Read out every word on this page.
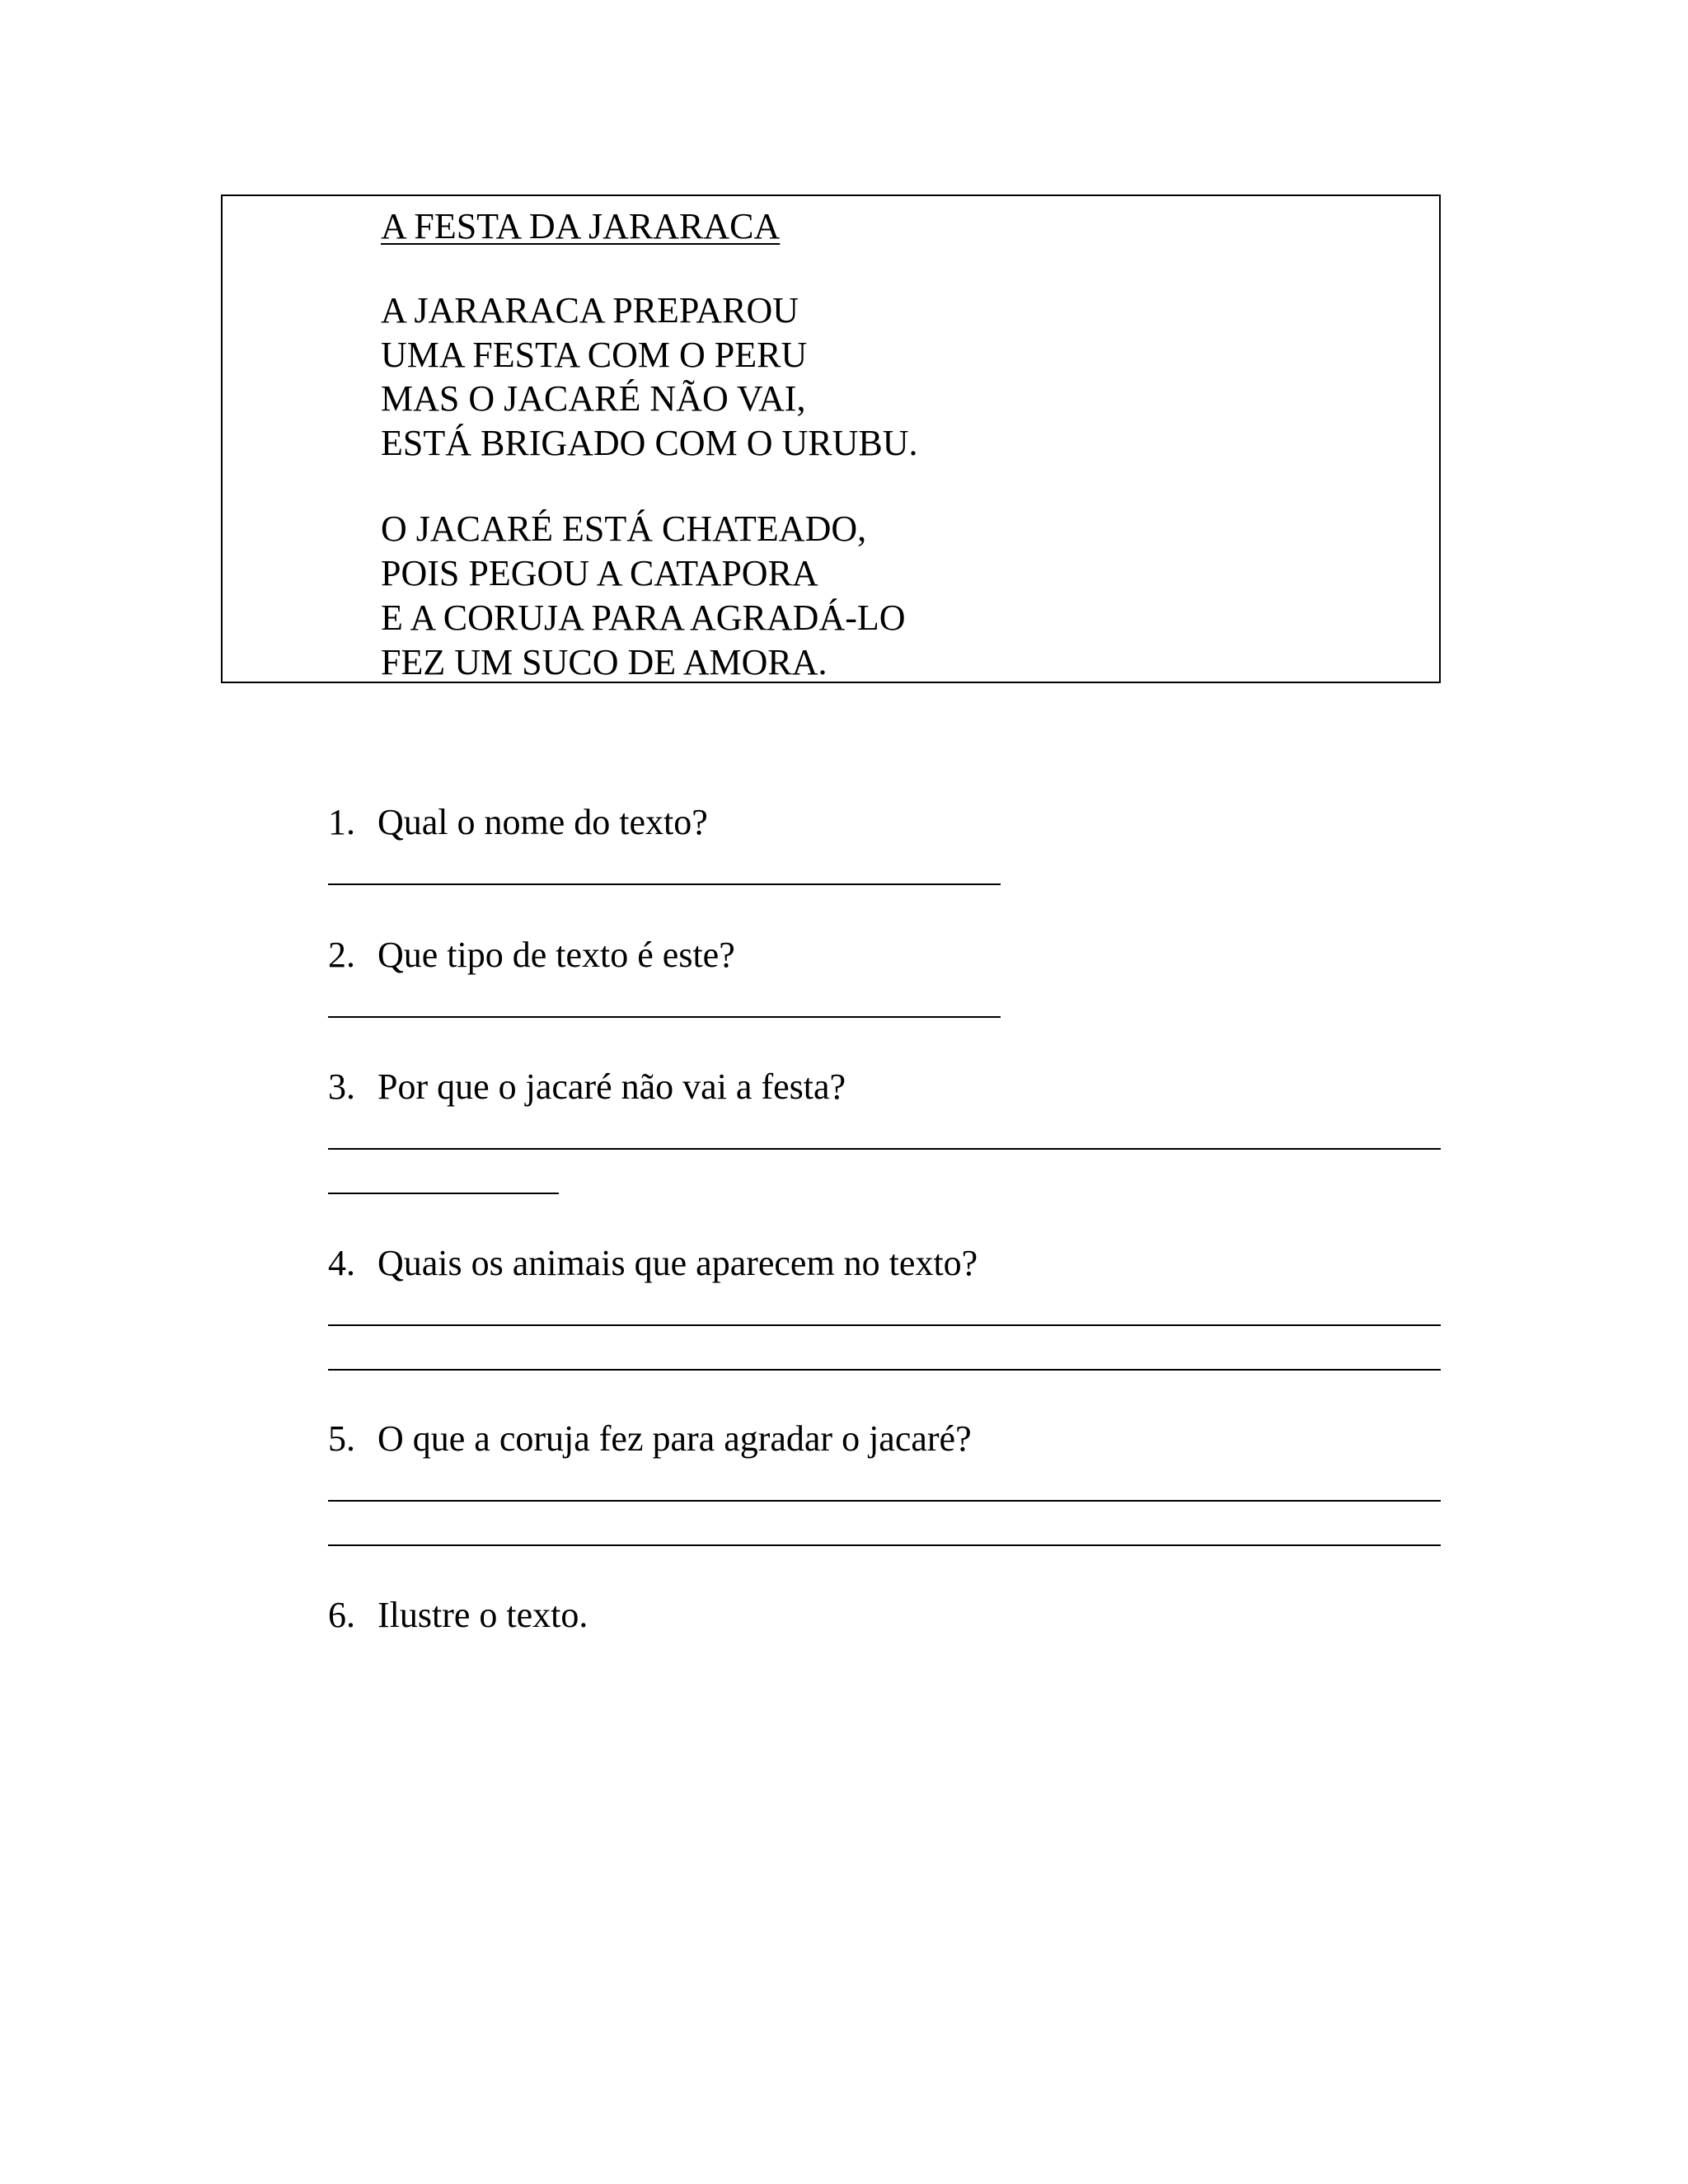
A FESTA DA JARARACA
A JARARACA PREPAROU
UMA FESTA COM O PERU
MAS O JACARÉ NÃO VAI,
ESTÁ BRIGADO COM O URUBU.
O JACARÉ ESTÁ CHATEADO,
POIS PEGOU A CATAPORA
E A CORUJA PARA AGRADÁ-LO
FEZ UM SUCO DE AMORA.
1. Qual o nome do texto?
2. Que tipo de texto é este?
3. Por que o jacaré não vai a festa?
4. Quais os animais que aparecem no texto?
5. O que a coruja fez para agradar o jacaré?
6. Ilustre o texto.
